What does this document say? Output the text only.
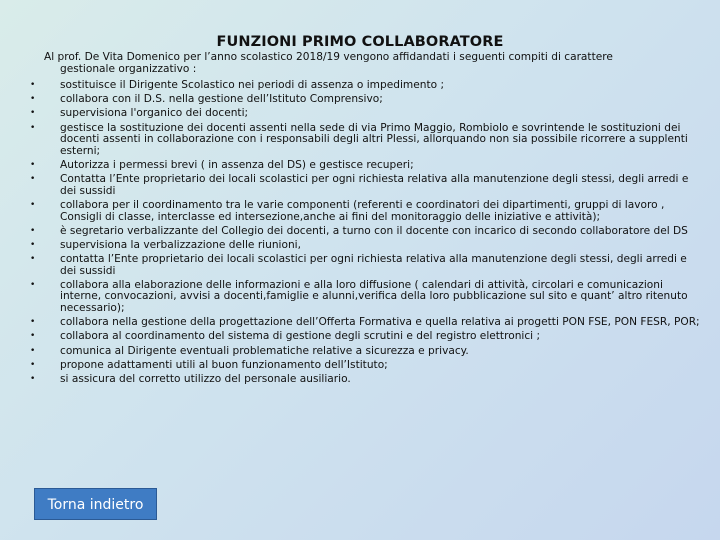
FUNZIONI PRIMO COLLABORATORE

Al prof. De Vita Domenico per l’anno scolastico 2018/19 vengono affidandati i seguenti compiti di carattere
gestionale organizzativo :

• sostituisce il Dirigente Scolastico nei periodi di assenza o impedimento ;
• collabora con il D.S. nella gestione dell’Istituto Comprensivo;
• supervisiona l'organico dei docenti;
• gestisce la sostituzione dei docenti assenti nella sede di via Primo Maggio, Rombiolo e sovrintende le sostituzioni dei docenti assenti in collaborazione con i responsabili degli altri Plessi, allorquando non sia possibile ricorrere a supplenti esterni;
• Autorizza i permessi brevi ( in assenza del DS) e gestisce recuperi;
• Contatta l’Ente proprietario dei locali scolastici per ogni richiesta relativa alla manutenzione degli stessi, degli arredi e dei sussidi
• collabora per il coordinamento tra le varie componenti (referenti e coordinatori dei dipartimenti, gruppi di lavoro , Consigli di classe, interclasse ed intersezione,anche ai fini del monitoraggio delle iniziative e attività);
• è segretario verbalizzante del Collegio dei docenti, a turno con il docente con incarico di secondo collaboratore del DS
• supervisiona la verbalizzazione delle riunioni,
• contatta l’Ente proprietario dei locali scolastici per ogni richiesta relativa alla manutenzione degli stessi, degli arredi e dei sussidi
• collabora alla elaborazione delle informazioni e alla loro diffusione ( calendari di attività, circolari e comunicazioni interne, convocazioni, avvisi a docenti,famiglie e alunni,verifica della loro pubblicazione sul sito e quant’ altro ritenuto necessario);
• collabora nella gestione della progettazione dell’Offerta Formativa e quella relativa ai progetti PON FSE, PON FESR, POR;
• collabora al coordinamento del sistema di gestione degli scrutini e del registro elettronici ;
• comunica al Dirigente eventuali problematiche relative a sicurezza e privacy.
• propone adattamenti utili al buon funzionamento dell’Istituto;
• si assicura del corretto utilizzo del personale ausiliario.
Torna indietro
